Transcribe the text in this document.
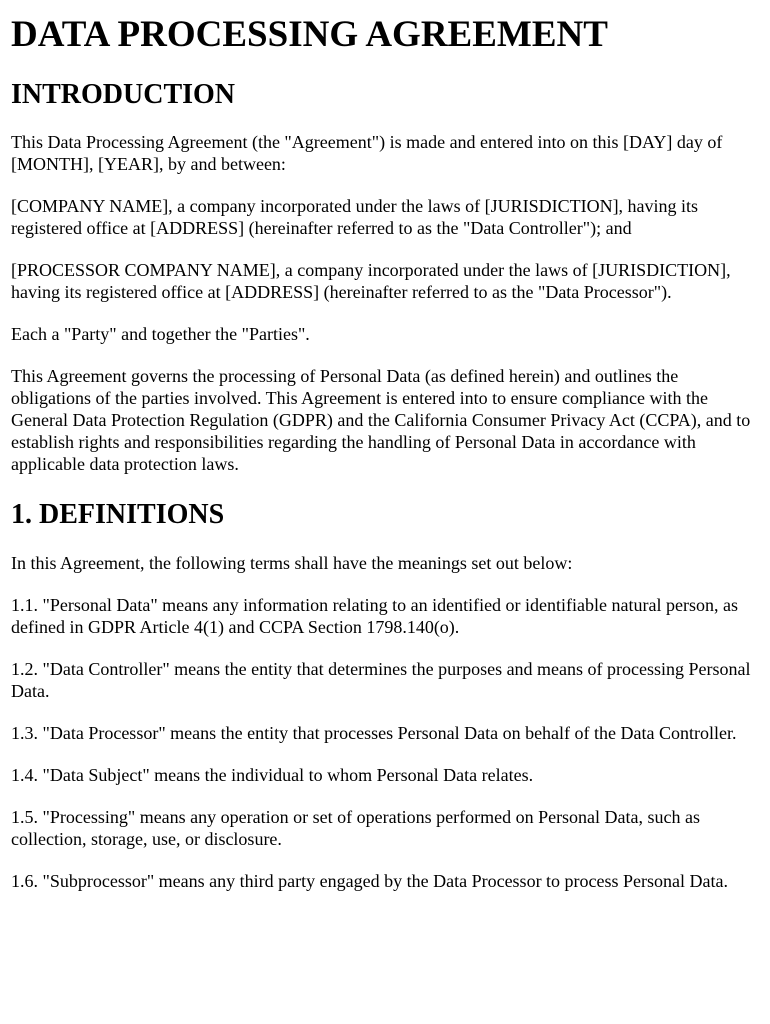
DATA PROCESSING AGREEMENT
INTRODUCTION

This Data Processing Agreement (the "Agreement") is made and entered into on this [DAY] day of [MONTH], [YEAR], by and between:

[COMPANY NAME], a company incorporated under the laws of [JURISDICTION], having its registered office at [ADDRESS] (hereinafter referred to as the "Data Controller"); and

[PROCESSOR COMPANY NAME], a company incorporated under the laws of [JURISDICTION], having its registered office at [ADDRESS] (hereinafter referred to as the "Data Processor").

Each a "Party" and together the "Parties".

This Agreement governs the processing of Personal Data (as defined herein) and outlines the obligations of the parties involved. This Agreement is entered into to ensure compliance with the General Data Protection Regulation (GDPR) and the California Consumer Privacy Act (CCPA), and to establish rights and responsibilities regarding the handling of Personal Data in accordance with applicable data protection laws.

1. DEFINITIONS

In this Agreement, the following terms shall have the meanings set out below:

1.1. "Personal Data" means any information relating to an identified or identifiable natural person, as defined in GDPR Article 4(1) and CCPA Section 1798.140(o).

1.2. "Data Controller" means the entity that determines the purposes and means of processing Personal Data.

1.3. "Data Processor" means the entity that processes Personal Data on behalf of the Data Controller.

1.4. "Data Subject" means the individual to whom Personal Data relates.

1.5. "Processing" means any operation or set of operations performed on Personal Data, such as collection, storage, use, or disclosure.

1.6. "Subprocessor" means any third party engaged by the Data Processor to process Personal Data.
